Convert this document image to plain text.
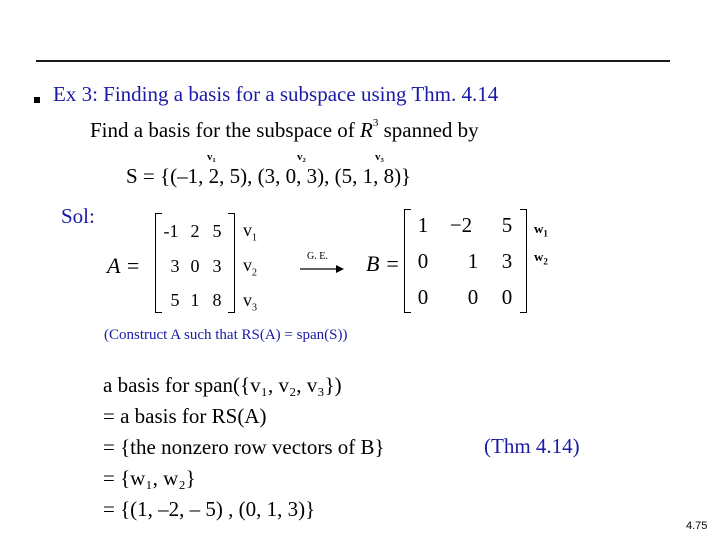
Ex 3: Finding a basis for a subspace using Thm. 4.14
Find a basis for the subspace of $R^3$ spanned by
v₁	v₂	v₃
S = {(–1, 2, 5), (3, 0, 3), (5, 1, 8)}
Sol:
A =
-1 2 5
3 0 3
5 1 8
$v_1$
$v_2$
$v_3$
G. E. B =
1	−2	5
0	1	3
0	0	0
$w_1$
$w_2$
(Construct A such that RS(A) = span(S))
a basis for span({v₁, v₂, v₃})
= a basis for RS(A)
= {the nonzero row vectors of B}
= {w₁, w₂}
= {(1, –2, – 5) , (0, 1, 3)}
(Thm 4.14)
4.75
